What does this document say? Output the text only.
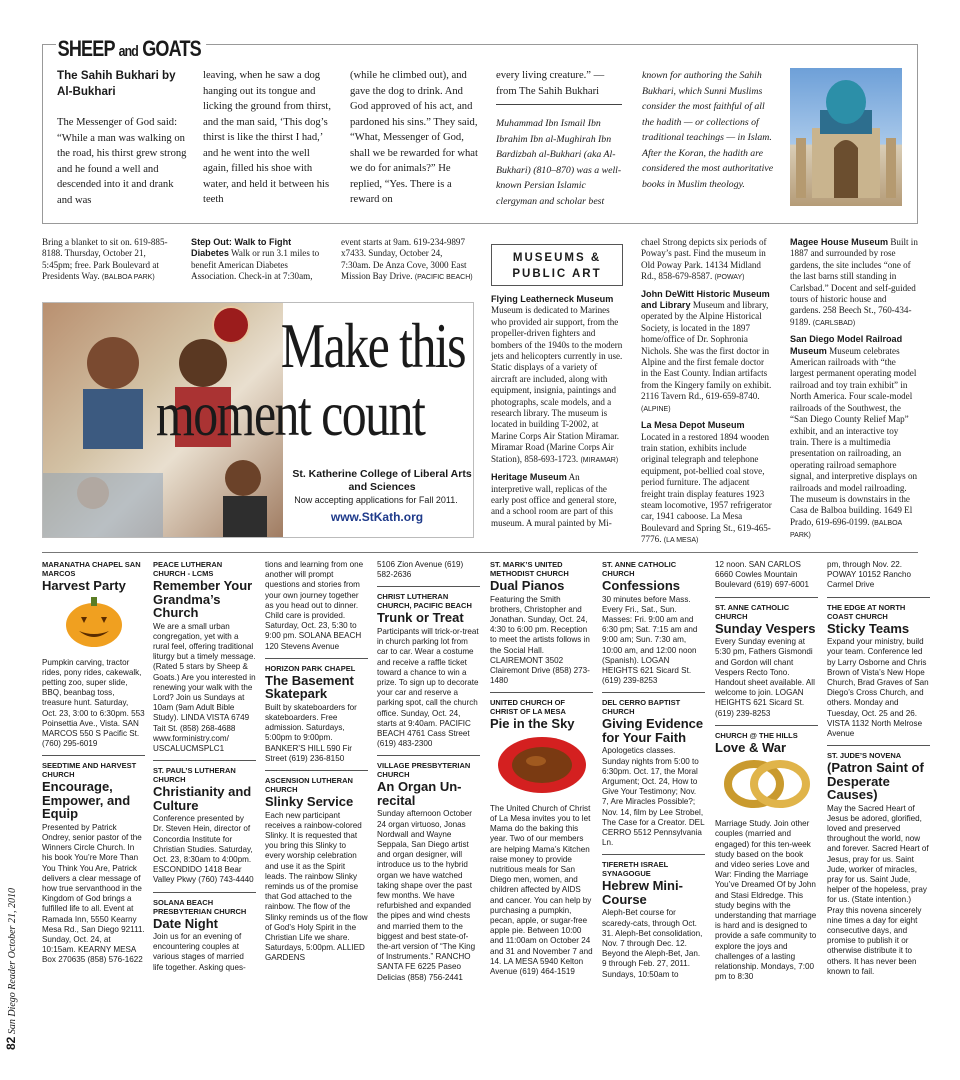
SHEEP and GOATS
The Sahih Bukhari by Al-Bukhari
The Messenger of God said: “While a man was walking on the road, his thirst grew strong and he found a well and descended into it and drank and was
leaving, when he saw a dog hanging out its tongue and licking the ground from thirst, and the man said, ‘This dog’s thirst is like the thirst I had,’ and he went into the well again, filled his shoe with water, and held it between his teeth
(while he climbed out), and gave the dog to drink. And God approved of his act, and pardoned his sins.” They said, “What, Messenger of God, shall we be rewarded for what we do for animals?” He replied, “Yes. There is a reward on
every living creature.” — from The Sahih Bukhari
Muhammad Ibn Ismail Ibn Ibrahim Ibn al-Mughirah Ibn Bardizbah al-Bukhari (aka Al-Bukhari) (810–870) was a well-known Persian Islamic clergyman and scholar best
known for authoring the Sahih Bukhari, which Sunni Muslims consider the most faithful of all the hadith — or collections of traditional teachings — in Islam. After the Koran, the hadith are considered the most authoritative books in Muslim theology.
Bring a blanket to sit on. 619-885-8188. Thursday, October 21, 5:45pm; free. Park Boulevard at Presidents Way. (BALBOA PARK)
Step Out: Walk to Fight Diabetes Walk or run 3.1 miles to benefit American Diabetes Association. Check-in at 7:30am,
event starts at 9am. 619-234-9897 x7433. Sunday, October 24, 7:30am. De Anza Cove, 3000 East Mission Bay Drive. (PACIFIC BEACH)
MUSEUMS &
PUBLIC ART
Flying Leatherneck Museum Museum is dedicated to Marines who provided air support, from the propeller-driven fighters and bombers of the 1940s to the modern jets and helicopters currently in use. Static displays of a variety of aircraft are included, along with equipment, insignia, paintings and photographs, scale models, and a research library. The museum is located in building T-2002, at Marine Corps Air Station Miramar. Miramar Road (Marine Corps Air Station), 858-693-1723. (MIRAMAR)
Heritage Museum An interpretive wall, replicas of the early post office and general store, and a school room are part of this museum. A mural painted by Mi-
chael Strong depicts six periods of Poway’s past. Find the museum in Old Poway Park. 14134 Midland Rd., 858-679-8587. (POWAY)
John DeWitt Historic Museum and Library Museum and library, operated by the Alpine Historical Society, is located in the 1897 home/office of Dr. Sophronia Nichols. She was the first doctor in Alpine and the first female doctor in the East County. Indian artifacts from the Kingery family on exhibit. 2116 Tavern Rd., 619-659-8740. (ALPINE)
La Mesa Depot Museum Located in a restored 1894 wooden train station, exhibits include original telegraph and telephone equipment, pot-bellied coal stove, period furniture. The adjacent freight train display features 1923 steam locomotive, 1957 refrigerator car, 1941 caboose. La Mesa Boulevard and Spring St., 619-465-7776. (LA MESA)
Magee House Museum Built in 1887 and surrounded by rose gardens, the site includes “one of the last barns still standing in Carlsbad.” Docent and self-guided tours of historic house and gardens. 258 Beech St., 760-434-9189. (CARLSBAD)
San Diego Model Railroad Museum Museum celebrates American railroads with “the largest permanent operating model railroad and toy train exhibit” in North America. Four scale-model railroads of the Southwest, the “San Diego County Relief Map” exhibit, and an interactive toy train. There is a multimedia presentation on railroading, an operating railroad semaphore signal, and interpretive displays on railroads and model railroading. The museum is downstairs in the Casa de Balboa building. 1649 El Prado, 619-696-0199. (BALBOA PARK)
Make this
moment count
St. Katherine College of Liberal Arts and Sciences
Now accepting applications for Fall 2011.
www.StKath.org
MARANATHA CHAPEL SAN MARCOS
Harvest Party
Pumpkin carving, tractor rides, pony rides, cakewalk, petting zoo, super slide, BBQ, beanbag toss, treasure hunt. Saturday, Oct. 23, 3:00 to 6:30pm. 553 Poinsettia Ave., Vista. SAN MARCOS 550 S Pacific St. (760) 295-6019
SEEDTIME AND HARVEST CHURCH
Encourage, Empower, and Equip
Presented by Patrick Ondrey, senior pastor of the Winners Circle Church. In his book You’re More Than You Think You Are, Patrick delivers a clear message of how true servanthood in the Kingdom of God brings a fulfilled life to all. Event at Ramada Inn, 5550 Kearny Mesa Rd., San Diego 92111. Sunday, Oct. 24, at 10:15am. KEARNY MESA Box 270635 (858) 576-1622
PEACE LUTHERAN CHURCH - LCMS
Remember Your Grandma’s Church
We are a small urban congregation, yet with a rural feel, offering traditional liturgy but a timely message. (Rated 5 stars by Sheep & Goats.) Are you interested in renewing your walk with the Lord? Join us Sundays at 10am (9am Adult Bible Study). LINDA VISTA 6749 Tait St. (858) 268-4688 www.forministry.com/ USCALUCMSPLC1
ST. PAUL’S LUTHERAN CHURCH
Christianity and Culture
Conference presented by Dr. Steven Hein, director of Concordia Institute for Christian Studies. Saturday, Oct. 23, 8:30am to 4:00pm. ESCONDIDO 1418 Bear Valley Pkwy (760) 743-4440
SOLANA BEACH PRESBYTERIAN CHURCH
Date Night
Join us for an evening of encountering couples at various stages of married life together. Asking ques-
tions and learning from one another will prompt questions and stories from your own journey together as you head out to dinner. Child care is provided. Saturday, Oct. 23, 5:30 to 9:00 pm. SOLANA BEACH 120 Stevens Avenue
HORIZON PARK CHAPEL
The Basement Skatepark
Built by skateboarders for skateboarders. Free admission. Saturdays, 5:00pm to 9:00pm. BANKER’S HILL 590 Fir Street (619) 236-8150
ASCENSION LUTHERAN CHURCH
Slinky Service
Each new participant receives a rainbow-colored Slinky. It is requested that you bring this Slinky to every worship celebration and use it as the Spirit leads. The rainbow Slinky reminds us of the promise that God attached to the rainbow. The flow of the Slinky reminds us of the flow of God’s Holy Spirit in the Christian Life we share. Saturdays, 5:00pm. ALLIED GARDENS
5106 Zion Avenue (619) 582-2636
CHRIST LUTHERAN CHURCH, PACIFIC BEACH
Trunk or Treat
Participants will trick-or-treat in church parking lot from car to car. Wear a costume and receive a raffle ticket toward a chance to win a prize. To sign up to decorate your car and reserve a parking spot, call the church office. Sunday, Oct. 24, starts at 9:40am. PACIFIC BEACH 4761 Cass Street (619) 483-2300
VILLAGE PRESBYTERIAN CHURCH
An Organ Un-recital
Sunday afternoon October 24 organ virtuoso, Jonas Nordwall and Wayne Seppala, San Diego artist and organ designer, will introduce us to the hybrid organ we have watched taking shape over the past few months. We have refurbished and expanded the pipes and wind chests and married them to the biggest and best state-of-the-art version of “The King of Instruments.” RANCHO SANTA FE 6225 Paseo Delicias (858) 756-2441
ST. MARK’S UNITED METHODIST CHURCH
Dual Pianos
Featuring the Smith brothers, Christopher and Jonathan. Sunday, Oct. 24, 4:30 to 6:00 pm. Reception to meet the artists follows in the Social Hall. CLAIREMONT 3502 Clairemont Drive (858) 273-1480
UNITED CHURCH OF CHRIST OF LA MESA
Pie in the Sky
The United Church of Christ of La Mesa invites you to let Mama do the baking this year. Two of our members are helping Mama’s Kitchen raise money to provide nutritious meals for San Diego men, women, and children affected by AIDS and cancer. You can help by purchasing a pumpkin, pecan, apple, or sugar-free apple pie. Between 10:00 and 11:00am on October 24 and 31 and November 7 and 14. LA MESA 5940 Kelton Avenue (619) 464-1519
ST. ANNE CATHOLIC CHURCH
Confessions
30 minutes before Mass. Every Fri., Sat., Sun. Masses: Fri. 9:00 am and 6:30 pm; Sat. 7:15 am and 9:00 am; Sun. 7:30 am, 10:00 am, and 12:00 noon (Spanish). LOGAN HEIGHTS 621 Sicard St. (619) 239-8253
DEL CERRO BAPTIST CHURCH
Giving Evidence for Your Faith
Apologetics classes. Sunday nights from 5:00 to 6:30pm. Oct. 17, the Moral Argument; Oct. 24, How to Give Your Testimony; Nov. 7, Are Miracles Possible?; Nov. 14, film by Lee Strobel, The Case for a Creator. DEL CERRO 5512 Pennsylvania Ln.
TIFERETH ISRAEL SYNAGOGUE
Hebrew Mini-Course
Aleph-Bet course for scaredy-cats, through Oct. 31. Aleph-Bet consolidation, Nov. 7 through Dec. 12. Beyond the Aleph-Bet, Jan. 9 through Feb. 27, 2011. Sundays, 10:50am to
12 noon. SAN CARLOS 6660 Cowles Mountain Boulevard (619) 697-6001
ST. ANNE CATHOLIC CHURCH
Sunday Vespers
Every Sunday evening at 5:30 pm, Fathers Gismondi and Gordon will chant Vespers Recto Tono. Handout sheet available. All welcome to join. LOGAN HEIGHTS 621 Sicard St. (619) 239-8253
CHURCH @ THE HILLS
Love & War
Marriage Study. Join other couples (married and engaged) for this ten-week study based on the book and video series Love and War: Finding the Marriage You’ve Dreamed Of by John and Stasi Eldredge. This study begins with the understanding that marriage is hard and is designed to provide a safe community to explore the joys and challenges of a lasting relationship. Mondays, 7:00 pm to 8:30
pm, through Nov. 22. POWAY 10152 Rancho Carmel Drive
THE EDGE AT NORTH COAST CHURCH
Sticky Teams
Expand your ministry, build your team. Conference led by Larry Osborne and Chris Brown of Vista’s New Hope Church, Brad Graves of San Diego’s Cross Church, and others. Monday and Tuesday, Oct. 25 and 26. VISTA 1132 North Melrose Avenue
ST. JUDE’S NOVENA
(Patron Saint of Desperate Causes)
May the Sacred Heart of Jesus be adored, glorified, loved and preserved throughout the world, now and forever. Sacred Heart of Jesus, pray for us. Saint Jude, worker of miracles, pray for us. Saint Jude, helper of the hopeless, pray for us. (State intention.) Pray this novena sincerely nine times a day for eight consecutive days, and promise to publish it or otherwise distribute it to others. It has never been known to fail.
82 San Diego Reader October 21, 2010
